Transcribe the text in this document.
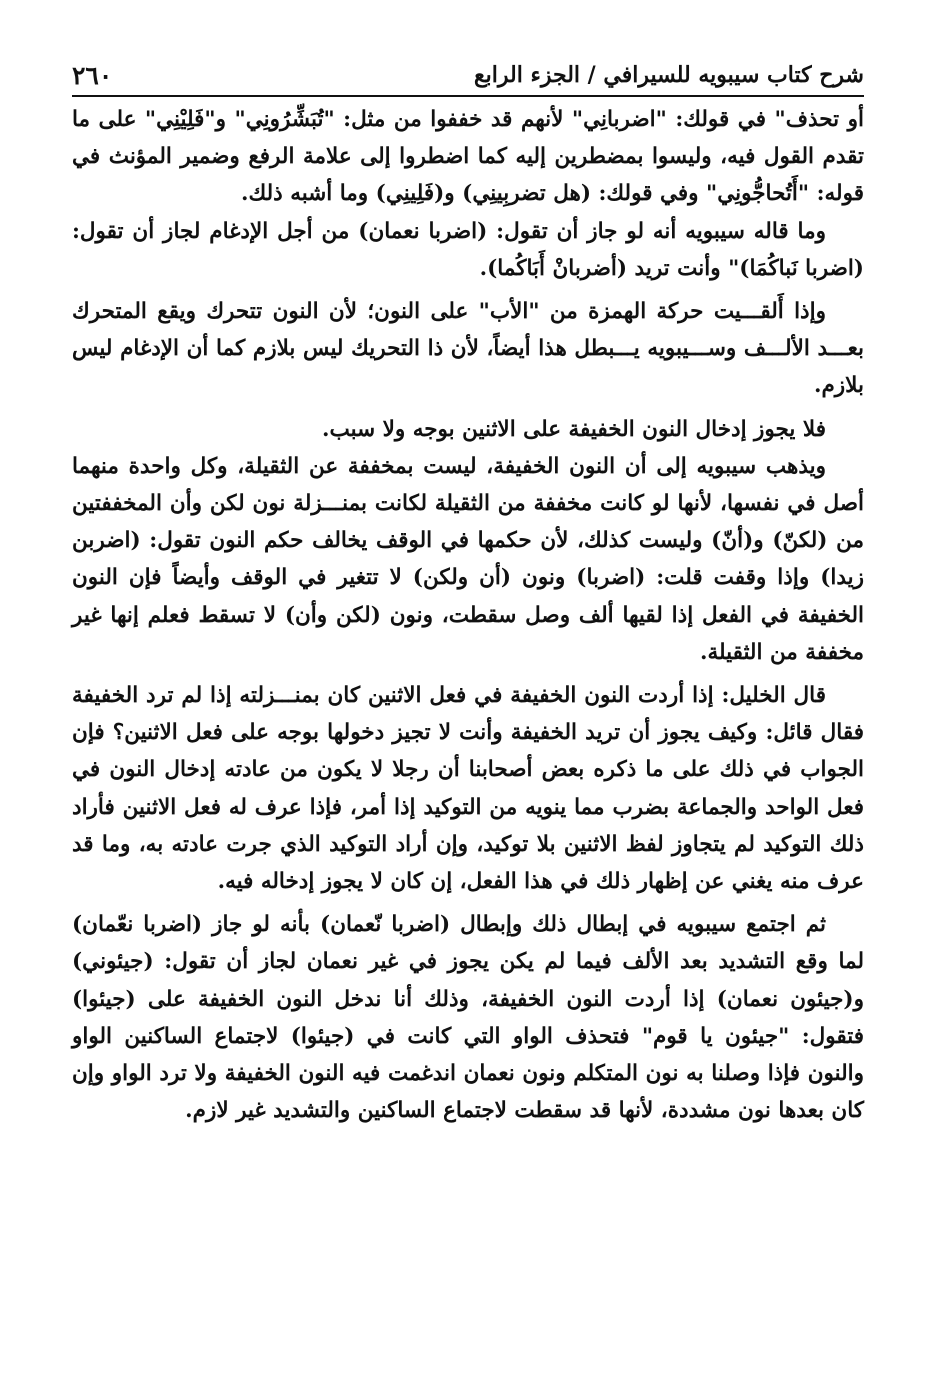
شرح كتاب سيبويه للسيرافي / الجزء الرابع
٢٦٠

أو تحذف" في قولك: "اضربانِي" لأنهم قد خففوا من مثل: "تُبَشِّرُونِي" و"فَلِيْنِي" على ما تقدم القول فيه، وليسوا بمضطرين إليه كما اضطروا إلى علامة الرفع وضمير المؤنث في قوله: "أَتُحاجُّونِي" وفي قولك: (هل تضربِينِي) و(فَلِينِي) وما أشبه ذلك.

وما قاله سيبويه أنه لو جاز أن تقول: (اضربا نعمان) من أجل الإدغام لجاز أن تقول: (اضربا نَباكُمَا)" وأنت تريد (أضربانْ أَبَاكُما).

وإذا أَلقـــيت حركة الهمزة من "الأب" على النون؛ لأن النون تتحرك ويقع المتحرك بعـــد الألـــف وســـيبويه يـــبطل هذا أيضاً، لأن ذا التحريك ليس بلازم كما أن الإدغام ليس بلازم.

فلا يجوز إدخال النون الخفيفة على الاثنين بوجه ولا سبب.

ويذهب سيبويه إلى أن النون الخفيفة، ليست بمخففة عن الثقيلة، وكل واحدة منهما أصل في نفسها، لأنها لو كانت مخففة من الثقيلة لكانت بمنـــزلة نون لكن وأن المخففتين من (لكنّ) و(أنّ) وليست كذلك، لأن حكمها في الوقف يخالف حكم النون تقول: (اضربن زيدا) وإذا وقفت قلت: (اضربا) ونون (أن ولكن) لا تتغير في الوقف وأيضاً فإن النون الخفيفة في الفعل إذا لقيها ألف وصل سقطت، ونون (لكن وأن) لا تسقط فعلم إنها غير مخففة من الثقيلة.

قال الخليل: إذا أردت النون الخفيفة في فعل الاثنين كان بمنـــزلته إذا لم ترد الخفيفة فقال قائل: وكيف يجوز أن تريد الخفيفة وأنت لا تجيز دخولها بوجه على فعل الاثنين؟ فإن الجواب في ذلك على ما ذكره بعض أصحابنا أن رجلا لا يكون من عادته إدخال النون في فعل الواحد والجماعة بضرب مما ينويه من التوكيد إذا أمر، فإذا عرف له فعل الاثنين فأراد ذلك التوكيد لم يتجاوز لفظ الاثنين بلا توكيد، وإن أراد التوكيد الذي جرت عادته به، وما قد عرف منه يغني عن إظهار ذلك في هذا الفعل، إن كان لا يجوز إدخاله فيه.

ثم اجتمع سيبويه في إبطال ذلك وإبطال (اضربا نّعمان) بأنه لو جاز (اضربا نعّمان) لما وقع التشديد بعد الألف فيما لم يكن يجوز في غير نعمان لجاز أن تقول: (جيئوني) و(جيئون نعمان) إذا أردت النون الخفيفة، وذلك أنا ندخل النون الخفيفة على (جيئوا) فتقول: "جيئون يا قوم" فتحذف الواو التي كانت في (جيئوا) لاجتماع الساكنين الواو والنون فإذا وصلنا به نون المتكلم ونون نعمان اندغمت فيه النون الخفيفة ولا ترد الواو وإن كان بعدها نون مشددة، لأنها قد سقطت لاجتماع الساكنين والتشديد غير لازم.
